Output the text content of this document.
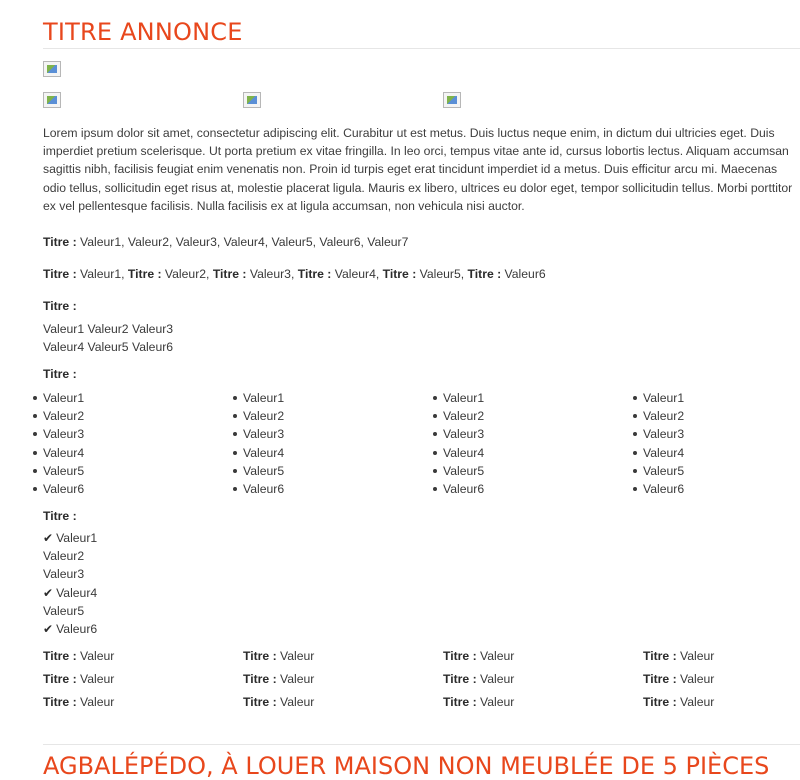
TITRE ANNONCE
Lorem ipsum dolor sit amet, consectetur adipiscing elit. Curabitur ut est metus. Duis luctus neque enim, in dictum dui ultricies eget. Duis imperdiet pretium scelerisque. Ut porta pretium ex vitae fringilla. In leo orci, tempus vitae ante id, cursus lobortis lectus. Aliquam accumsan sagittis nibh, facilisis feugiat enim venenatis non. Proin id turpis eget erat tincidunt imperdiet id a metus. Duis efficitur arcu mi. Maecenas odio tellus, sollicitudin eget risus at, molestie placerat ligula. Mauris ex libero, ultrices eu dolor eget, tempor sollicitudin tellus. Morbi porttitor ex vel pellentesque facilisis. Nulla facilisis ex at ligula accumsan, non vehicula nisi auctor.
Titre : Valeur1, Valeur2, Valeur3, Valeur4, Valeur5, Valeur6, Valeur7
Titre : Valeur1, Titre : Valeur2, Titre : Valeur3, Titre : Valeur4, Titre : Valeur5, Titre : Valeur6
Titre :
Valeur1 Valeur2 Valeur3
Valeur4 Valeur5 Valeur6
Titre :
Valeur1
Valeur2
Valeur3
Valeur4
Valeur5
Valeur6
Valeur1
Valeur2
Valeur3
Valeur4
Valeur5
Valeur6
Valeur1
Valeur2
Valeur3
Valeur4
Valeur5
Valeur6
Valeur1
Valeur2
Valeur3
Valeur4
Valeur5
Valeur6
Titre :
✔ Valeur1
Valeur2
Valeur3
✔ Valeur4
Valeur5
✔ Valeur6
Titre : Valeur	Titre : Valeur	Titre : Valeur	Titre : Valeur
Titre : Valeur	Titre : Valeur	Titre : Valeur	Titre : Valeur
Titre : Valeur	Titre : Valeur	Titre : Valeur	Titre : Valeur
AGBALÉPÉDO, À LOUER MAISON NON MEUBLÉE DE 5 PIÈCES
